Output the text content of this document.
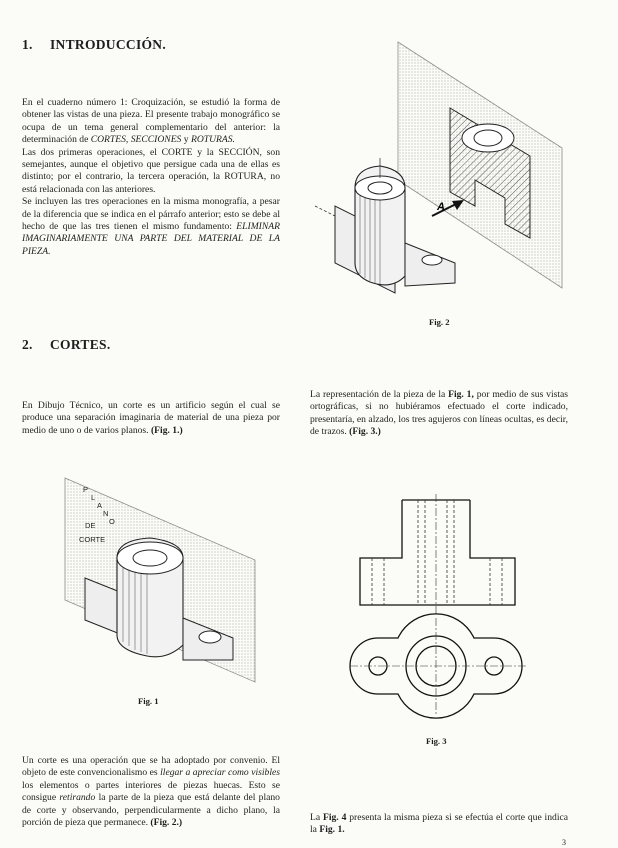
1. INTRODUCCIÓN.

En el cuaderno número 1: Croquización, se estudió la forma de obtener las vistas de una pieza. El presente trabajo monográfico se ocupa de un tema general complementario del anterior: la determinación de CORTES, SECCIONES y ROTURAS.

Las dos primeras operaciones, el CORTE y la SECCIÓN, son semejantes, aunque el objetivo que persigue cada una de ellas es distinto; por el contrario, la tercera operación, la ROTURA, no está relacionada con las anteriores.

Se incluyen las tres operaciones en la misma monografía, a pesar de la diferencia que se indica en el párrafo anterior; esto se debe al hecho de que las tres tienen el mismo fundamento: ELIMINAR IMAGINARIAMENTE UNA PARTE DEL MATERIAL DE LA PIEZA.

A
Fig. 2
2. CORTES.

En Dibujo Técnico, un corte es un artificio según el cual se produce una separación imaginaria de material de una pieza por medio de uno o de varios planos. (Fig. 1.)

La representación de la pieza de la Fig. 1, por medio de sus vistas ortográficas, si no hubiéramos efectuado el corte indicado, presentaría, en alzado, los tres agujeros con líneas ocultas, es decir, de trazos. (Fig. 3.)

P
L
A
N
O
DE
CORTE
Fig. 1
Fig. 3

Un corte es una operación que se ha adoptado por convenio. El objeto de este convencionalismo es llegar a apreciar como visibles los elementos o partes interiores de piezas huecas. Esto se consigue retirando la parte de la pieza que está delante del plano de corte y observando, perpendicularmente a dicho plano, la porción de pieza que permanece. (Fig. 2.)	La Fig. 4 presenta la misma pieza si se efectúa el corte que indica la Fig. 1.

3
